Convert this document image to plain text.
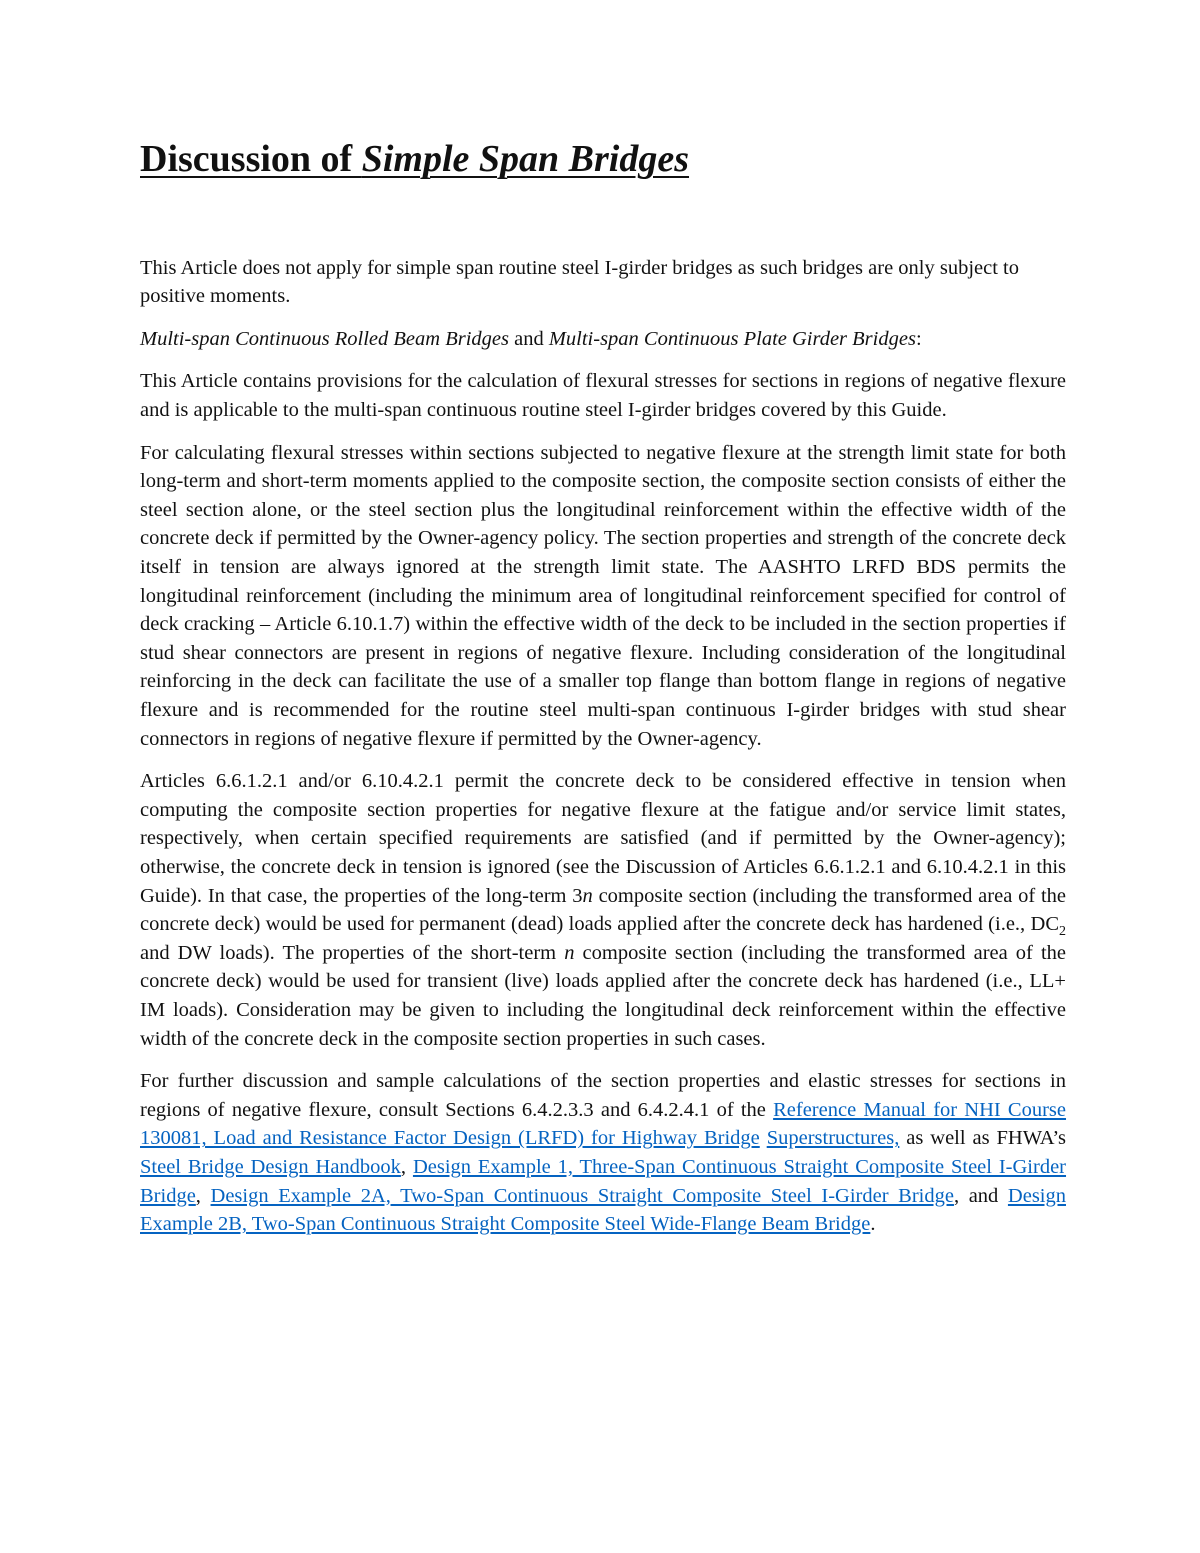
Discussion of Simple Span Bridges

This Article does not apply for simple span routine steel I-girder bridges as such bridges are only subject to positive moments.

Multi-span Continuous Rolled Beam Bridges and Multi-span Continuous Plate Girder Bridges:

This Article contains provisions for the calculation of flexural stresses for sections in regions of negative flexure and is applicable to the multi-span continuous routine steel I-girder bridges covered by this Guide.

For calculating flexural stresses within sections subjected to negative flexure at the strength limit state for both long-term and short-term moments applied to the composite section, the composite section consists of either the steel section alone, or the steel section plus the longitudinal reinforcement within the effective width of the concrete deck if permitted by the Owner-agency policy. The section properties and strength of the concrete deck itself in tension are always ignored at the strength limit state. The AASHTO LRFD BDS permits the longitudinal reinforcement (including the minimum area of longitudinal reinforcement specified for control of deck cracking – Article 6.10.1.7) within the effective width of the deck to be included in the section properties if stud shear connectors are present in regions of negative flexure. Including consideration of the longitudinal reinforcing in the deck can facilitate the use of a smaller top flange than bottom flange in regions of negative flexure and is recommended for the routine steel multi-span continuous I-girder bridges with stud shear connectors in regions of negative flexure if permitted by the Owner-agency.

Articles 6.6.1.2.1 and/or 6.10.4.2.1 permit the concrete deck to be considered effective in tension when computing the composite section properties for negative flexure at the fatigue and/or service limit states, respectively, when certain specified requirements are satisfied (and if permitted by the Owner-agency); otherwise, the concrete deck in tension is ignored (see the Discussion of Articles 6.6.1.2.1 and 6.10.4.2.1 in this Guide). In that case, the properties of the long-term 3n composite section (including the transformed area of the concrete deck) would be used for permanent (dead) loads applied after the concrete deck has hardened (i.e., $DC_2$ and DW loads). The properties of the short-term n composite section (including the transformed area of the concrete deck) would be used for transient (live) loads applied after the concrete deck has hardened (i.e., LL+ IM loads). Consideration may be given to including the longitudinal deck reinforcement within the effective width of the concrete deck in the composite section properties in such cases.

For further discussion and sample calculations of the section properties and elastic stresses for sections in regions of negative flexure, consult Sections 6.4.2.3.3 and 6.4.2.4.1 of the Reference Manual for NHI Course 130081, Load and Resistance Factor Design (LRFD) for Highway Bridge Superstructures, as well as FHWA’s Steel Bridge Design Handbook, Design Example 1, Three-Span Continuous Straight Composite Steel I-Girder Bridge, Design Example 2A, Two-Span Continuous Straight Composite Steel I-Girder Bridge, and Design Example 2B, Two-Span Continuous Straight Composite Steel Wide-Flange Beam Bridge.
